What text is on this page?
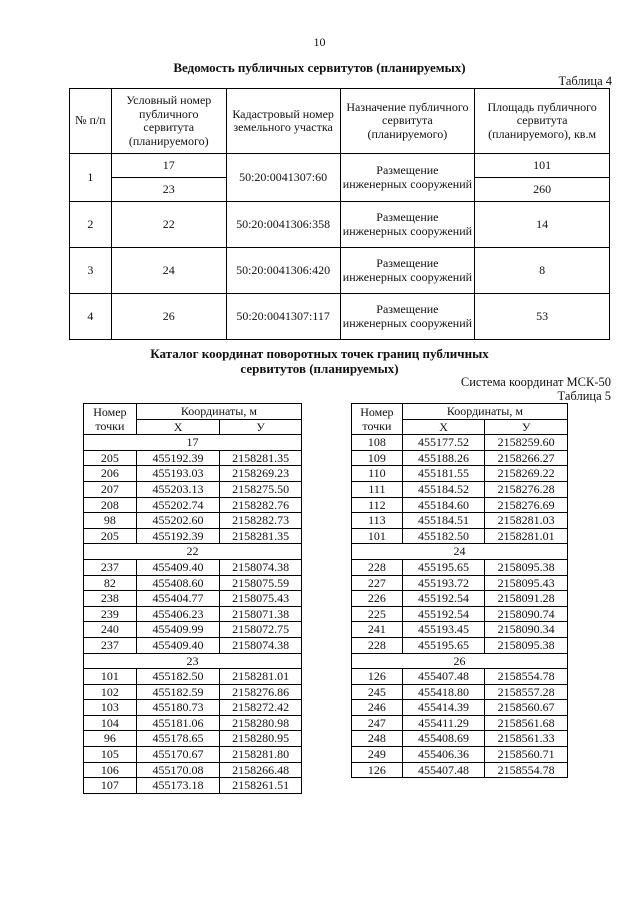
10
Ведомость публичных сервитутов (планируемых)
Таблица 4
№ п/п	Условный номер публичного сервитута (планируемого)	Кадастровый номер земельного участка	Назначение публичного сервитута (планируемого)	Площадь публичного сервитута (планируемого), кв.м
1	17	50:20:0041307:60	Размещение инженерных сооружений	101
	23			260
2	22	50:20:0041306:358	Размещение инженерных сооружений	14
3	24	50:20:0041306:420	Размещение инженерных сооружений	8
4	26	50:20:0041307:117	Размещение инженерных сооружений	53
Каталог координат поворотных точек границ публичных сервитутов (планируемых)
Система координат МСК-50
Таблица 5
Номер точки	Координаты, м	
	X	У
17		
205	455192.39	2158281.35
206	455193.03	2158269.23
207	455203.13	2158275.50
208	455202.74	2158282.76
98	455202.60	2158282.73
205	455192.39	2158281.35
22		
237	455409.40	2158074.38
82	455408.60	2158075.59
238	455404.77	2158075.43
239	455406.23	2158071.38
240	455409.99	2158072.75
237	455409.40	2158074.38
23		
101	455182.50	2158281.01
102	455182.59	2158276.86
103	455180.73	2158272.42
104	455181.06	2158280.98
96	455178.65	2158280.95
105	455170.67	2158281.80
106	455170.08	2158266.48
107	455173.18	2158261.51
Номер точки	Координаты, м	
	X	У
108	455177.52	2158259.60
109	455188.26	2158266.27
110	455181.55	2158269.22
111	455184.52	2158276.28
112	455184.60	2158276.69
113	455184.51	2158281.03
101	455182.50	2158281.01
24		
228	455195.65	2158095.38
227	455193.72	2158095.43
226	455192.54	2158091.28
225	455192.54	2158090.74
241	455193.45	2158090.34
228	455195.65	2158095.38
26		
126	455407.48	2158554.78
245	455418.80	2158557.28
246	455414.39	2158560.67
247	455411.29	2158561.68
248	455408.69	2158561.33
249	455406.36	2158560.71
126	455407.48	2158554.78
